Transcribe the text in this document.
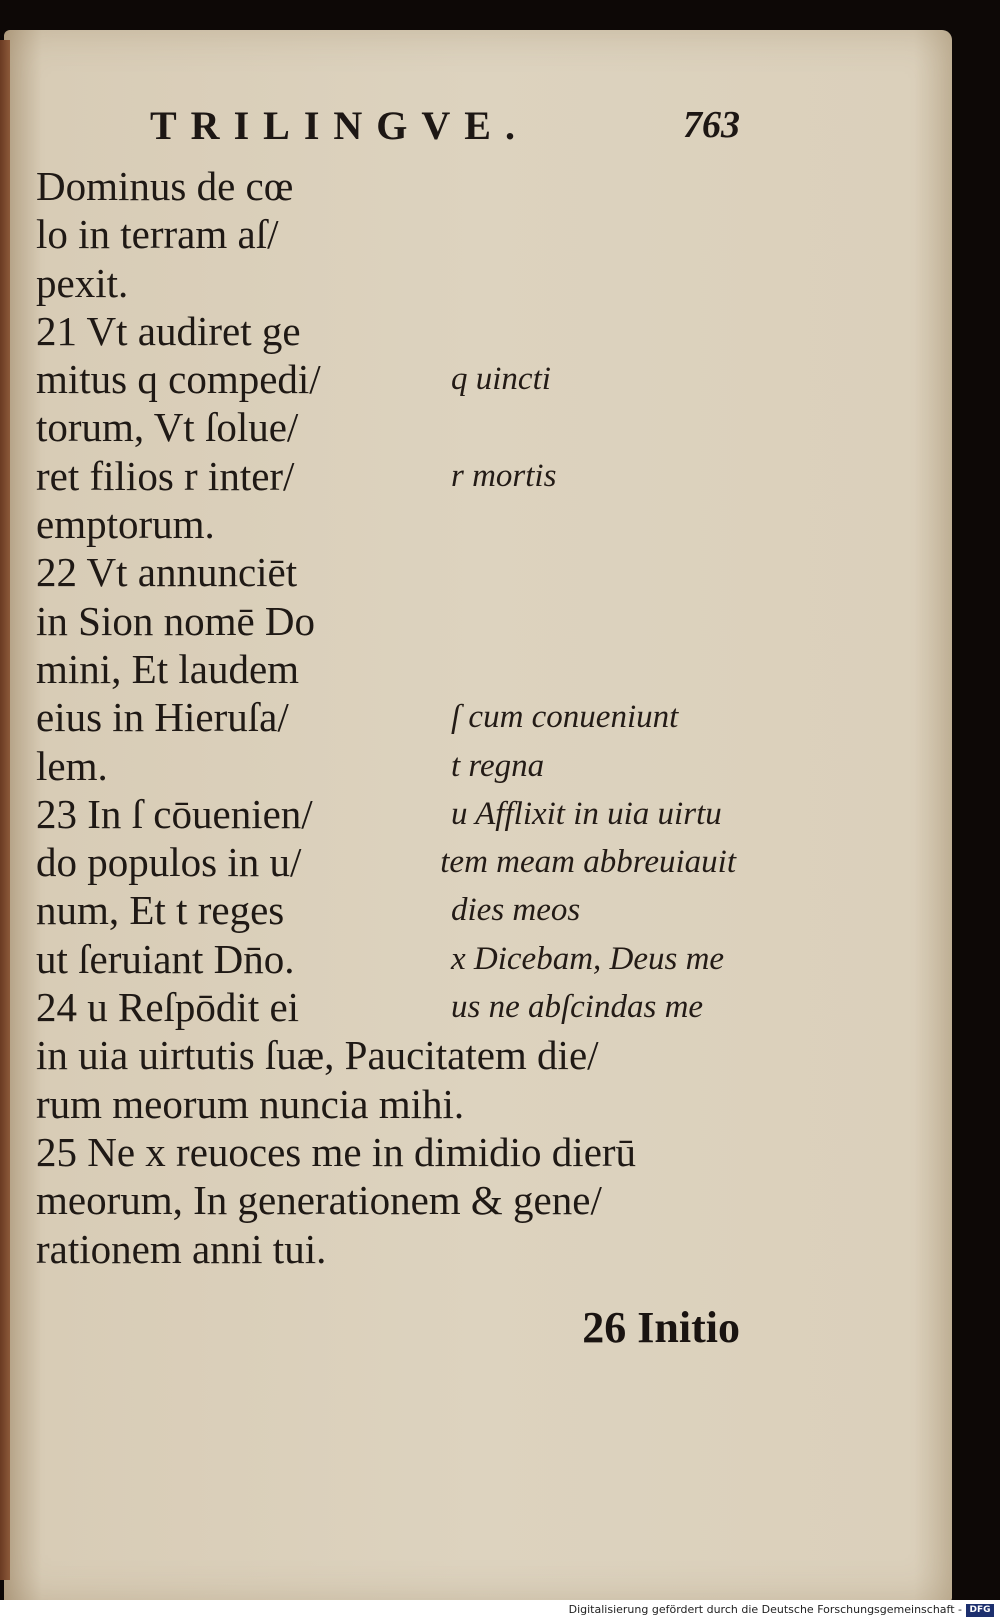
TRILINGVE.	763
Dominus de cœ
lo in terram aſ/
pexit.
21 Vt audiret ge
mitus q compedi/	q uincti
torum, Vt ſolue/
ret filios r inter/	r mortis
emptorum.
22 Vt annunciēt
in Sion nomē Do
mini, Et laudem
eius in Hieruſa/	ſ cum conueniunt
lem.	t regna
23 In ſ cōuenien/	u Afflixit in uia uirtu
do populos in u/	tem meam abbreuiauit
num, Et t reges	dies meos
ut ſeruiant Dn̄o.	x Dicebam, Deus me
24 u Reſpōdit ei	us ne abſcindas me
in uia uirtutis ſuæ, Paucitatem die/
rum meorum nuncia mihi.
25 Ne x reuoces me in dimidio dierū
meorum, In generationem & gene/
rationem anni tui.
26 Initio
Digitalisierung gefördert durch die Deutsche Forschungsgemeinschaft - DFG
